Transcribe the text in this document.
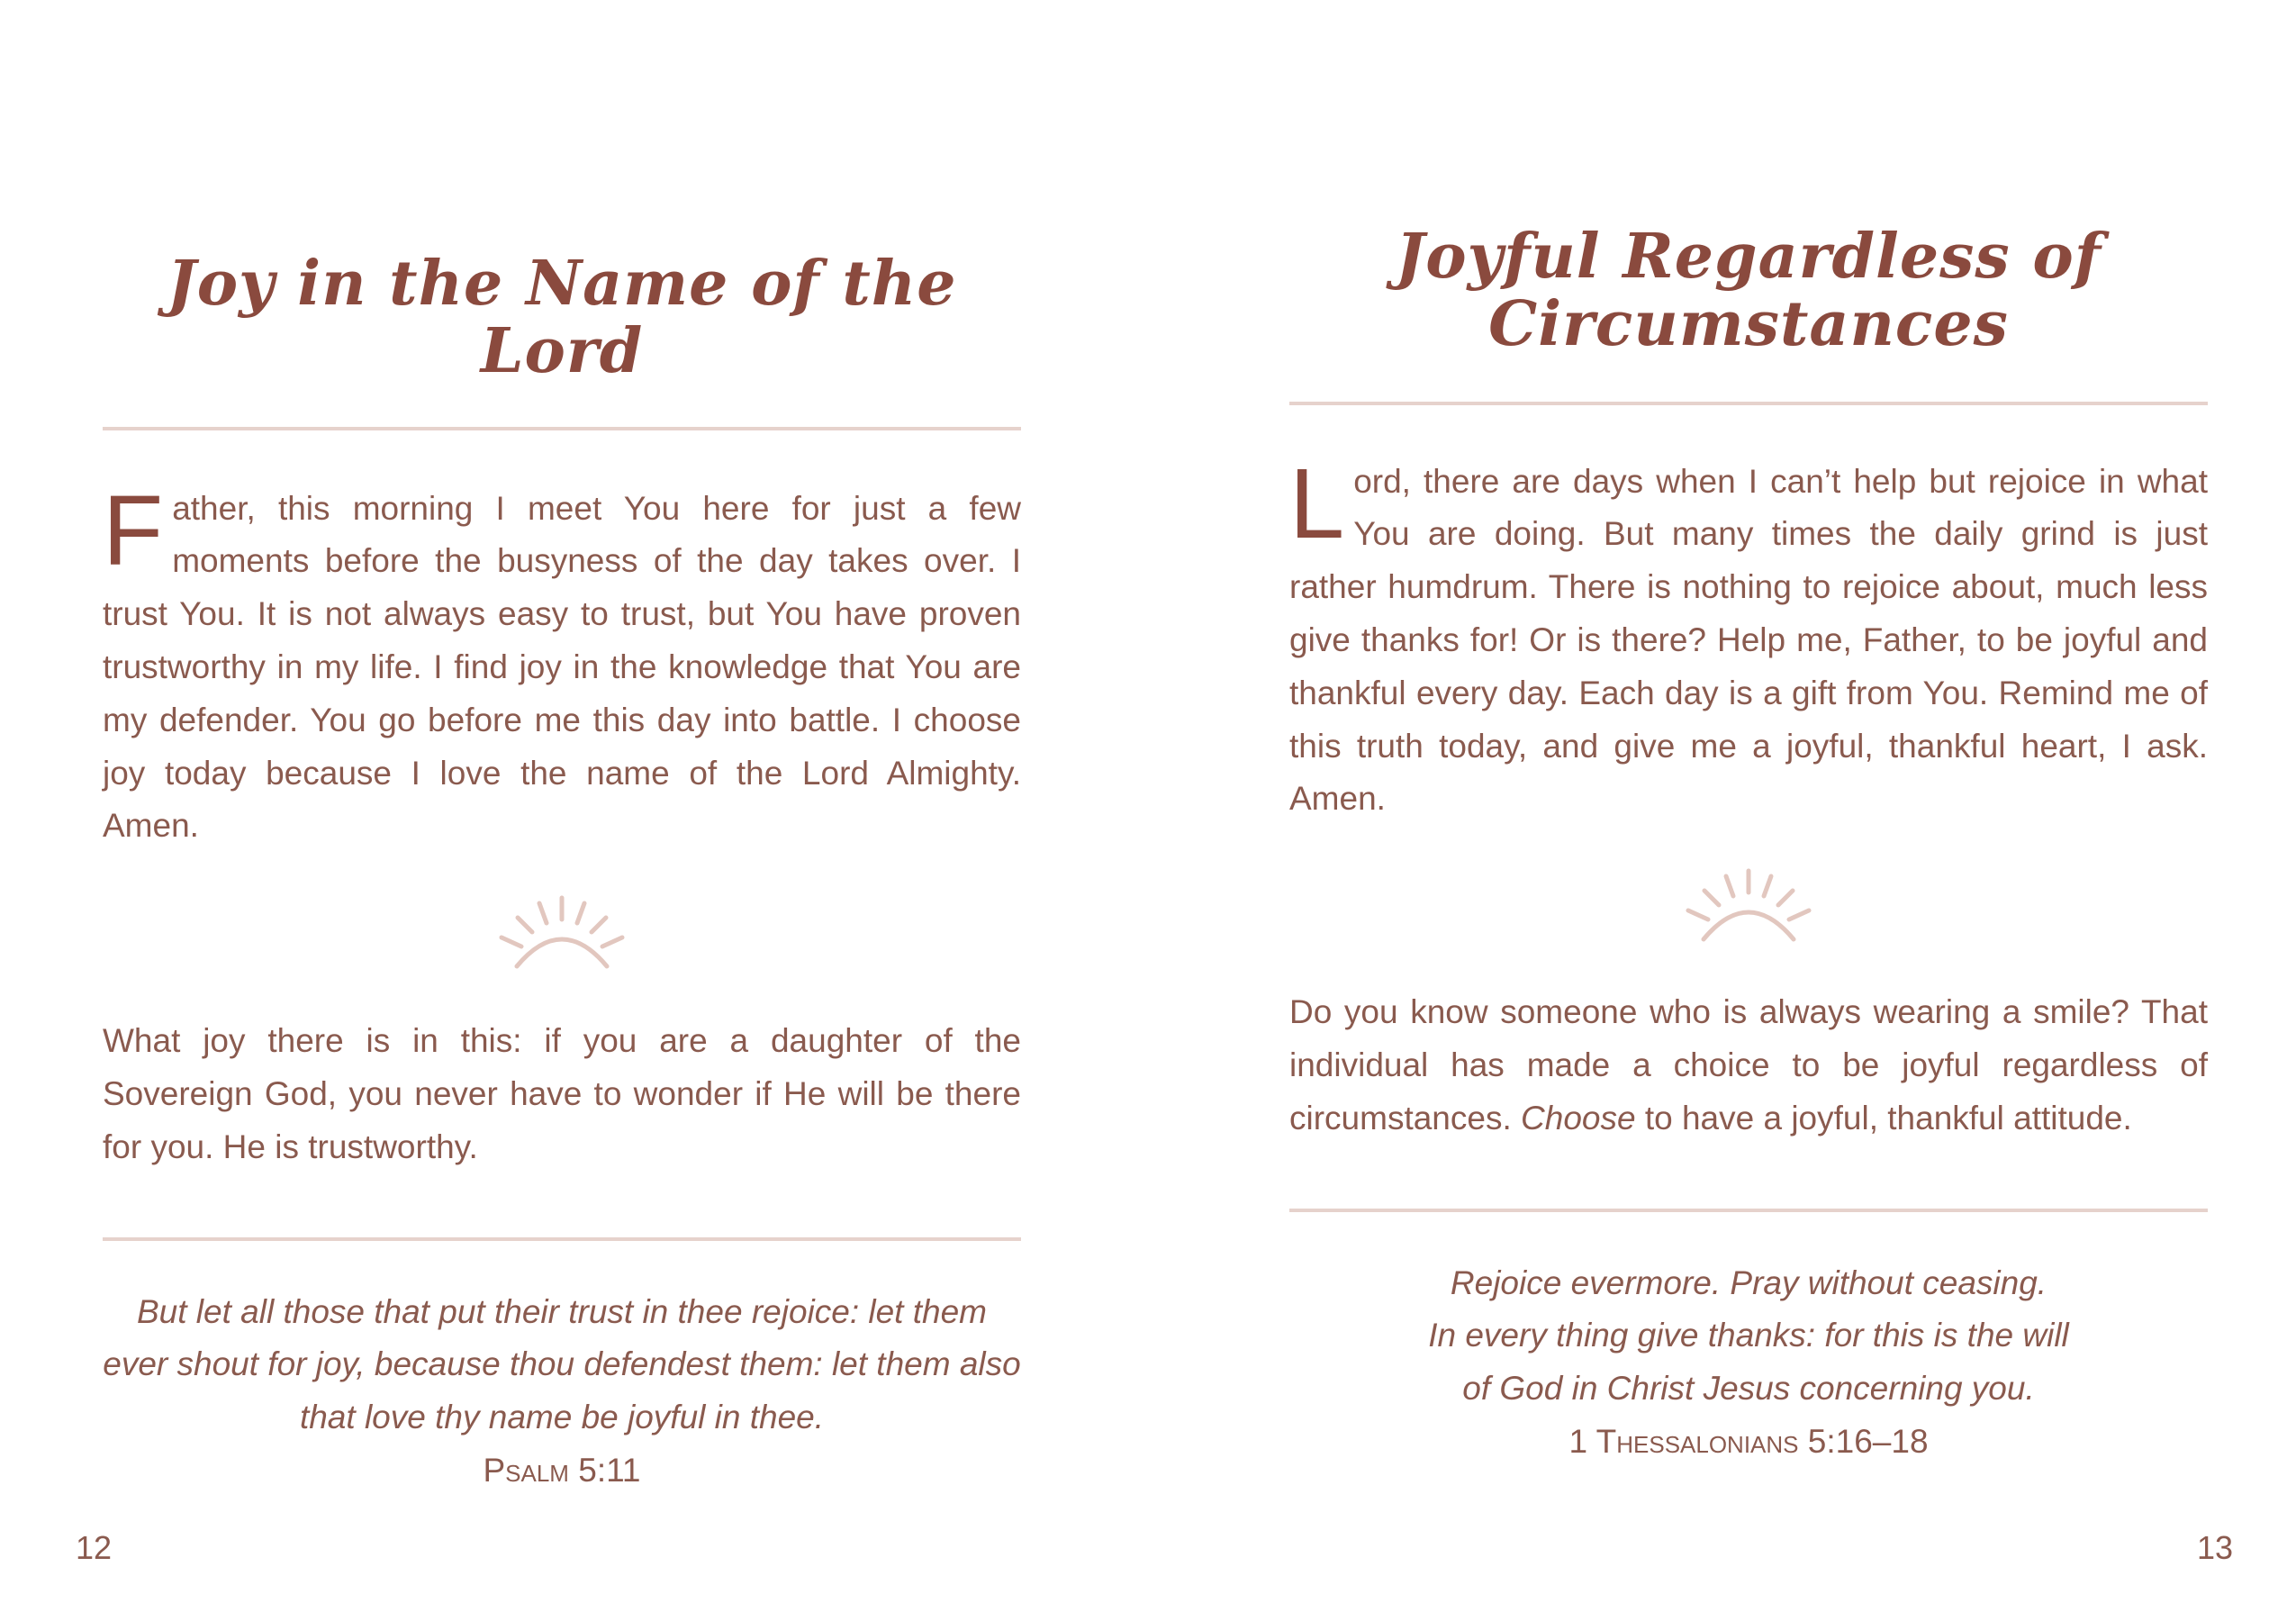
Joy in the Name of the Lord

Father, this morning I meet You here for just a few moments before the busyness of the day takes over. I trust You. It is not always easy to trust, but You have proven trustworthy in my life. I find joy in the knowledge that You are my defender. You go before me this day into battle. I choose joy today because I love the name of the Lord Almighty. Amen.

What joy there is in this: if you are a daughter of the Sovereign God, you never have to wonder if He will be there for you. He is trustworthy.

But let all those that put their trust in thee rejoice: let them ever shout for joy, because thou defendest them: let them also that love thy name be joyful in thee.

Psalm 5:11

Joyful Regardless of Circumstances

Lord, there are days when I can’t help but rejoice in what You are doing. But many times the daily grind is just rather humdrum. There is nothing to rejoice about, much less give thanks for! Or is there? Help me, Father, to be joyful and thankful every day. Each day is a gift from You. Remind me of this truth today, and give me a joyful, thankful heart, I ask. Amen.

Do you know someone who is always wearing a smile? That individual has made a choice to be joyful regardless of circumstances. Choose to have a joyful, thankful attitude.

Rejoice evermore. Pray without ceasing.
In every thing give thanks: for this is the will
of God in Christ Jesus concerning you.

1 Thessalonians 5:16–18

12	13
